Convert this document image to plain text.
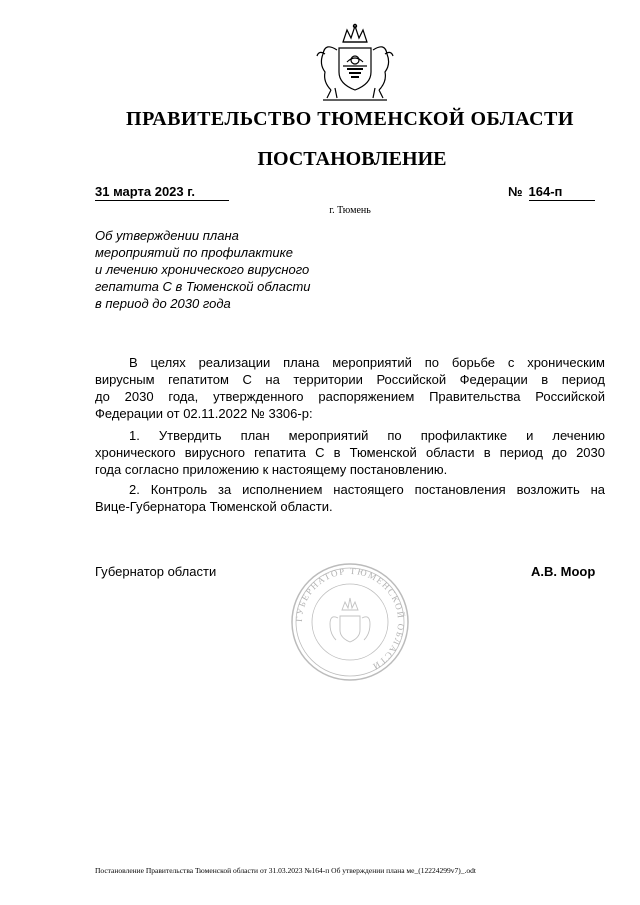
ПРАВИТЕЛЬСТВО ТЮМЕНСКОЙ ОБЛАСТИ
ПОСТАНОВЛЕНИЕ
31 марта 2023 г.	№ 164-п
г. Тюмень
Об утверждении плана
мероприятий по профилактике
и лечению хронического вирусного
гепатита С в Тюменской области
в период до 2030 года
В целях реализации плана мероприятий по борьбе с хроническим
вирусным гепатитом С на территории Российской Федерации в период
до 2030 года, утвержденного распоряжением Правительства Российской
Федерации от 02.11.2022 № 3306-р:
1. Утвердить план мероприятий по профилактике и лечению
хронического вирусного гепатита С в Тюменской области в период до 2030
года согласно приложению к настоящему постановлению.
2. Контроль за исполнением настоящего постановления возложить на
Вице-Губернатора Тюменской области.
Губернатор области	А.В. Моор
ГУБЕРНАТОР ТЮМЕНСКОЙ ОБЛАСТИ
Постановление Правительства Тюменской области от 31.03.2023 №164-п Об утверждении плана ме_(12224299v7)_.odt
